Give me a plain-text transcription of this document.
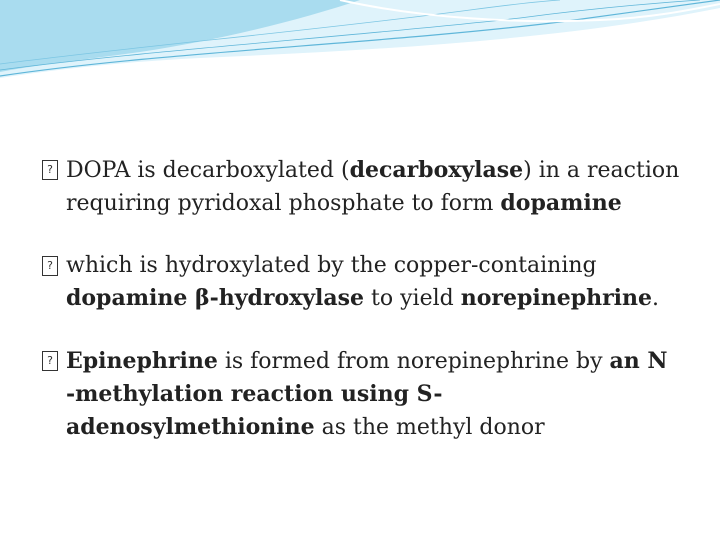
? DOPA is decarboxylated (decarboxylase) in a reaction requiring pyridoxal phosphate to form dopamine
? which is hydroxylated by the copper-containing dopamine β-hydroxylase to yield norepinephrine.
? Epinephrine is formed from norepinephrine by an N -methylation reaction using S-adenosylmethionine as the methyl donor
